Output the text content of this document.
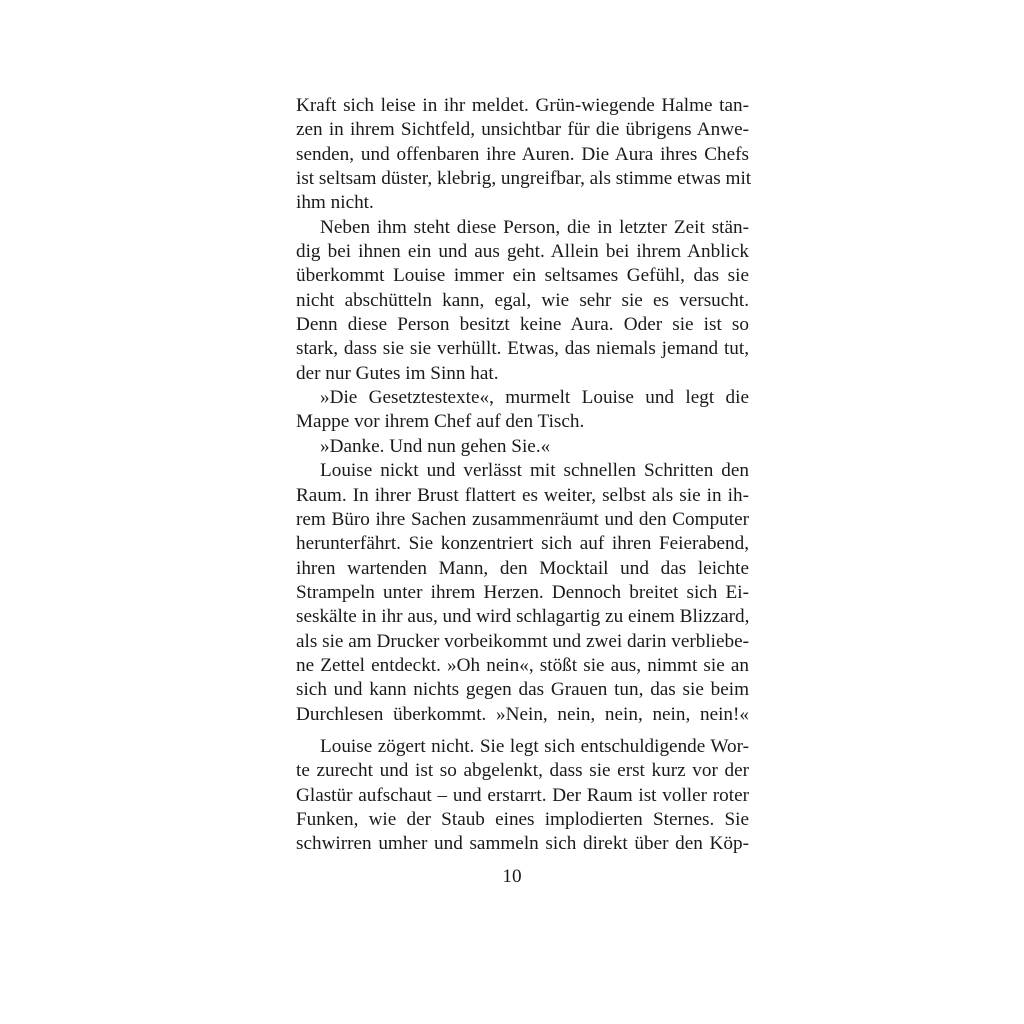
Kraft sich leise in ihr meldet. Grün-wiegende Halme tan-
zen in ihrem Sichtfeld, unsichtbar für die übrigens Anwe-
senden, und offenbaren ihre Auren. Die Aura ihres Chefs
ist seltsam düster, klebrig, ungreifbar, als stimme etwas mit
ihm nicht.
Neben ihm steht diese Person, die in letzter Zeit stän-
dig bei ihnen ein und aus geht. Allein bei ihrem Anblick
überkommt Louise immer ein seltsames Gefühl, das sie
nicht abschütteln kann, egal, wie sehr sie es versucht.
Denn diese Person besitzt keine Aura. Oder sie ist so
stark, dass sie sie verhüllt. Etwas, das niemals jemand tut,
der nur Gutes im Sinn hat.
»Die Gesetztestexte«, murmelt Louise und legt die
Mappe vor ihrem Chef auf den Tisch.
»Danke. Und nun gehen Sie.«
Louise nickt und verlässt mit schnellen Schritten den
Raum. In ihrer Brust flattert es weiter, selbst als sie in ih-
rem Büro ihre Sachen zusammenräumt und den Computer
herunterfährt. Sie konzentriert sich auf ihren Feierabend,
ihren wartenden Mann, den Mocktail und das leichte
Strampeln unter ihrem Herzen. Dennoch breitet sich Ei-
seskälte in ihr aus, und wird schlagartig zu einem Blizzard,
als sie am Drucker vorbeikommt und zwei darin verbliebe-
ne Zettel entdeckt. »Oh nein«, stößt sie aus, nimmt sie an
sich und kann nichts gegen das Grauen tun, das sie beim
Durchlesen überkommt. »Nein, nein, nein, nein, nein!«
Louise zögert nicht. Sie legt sich entschuldigende Wor-
te zurecht und ist so abgelenkt, dass sie erst kurz vor der
Glastür aufschaut – und erstarrt. Der Raum ist voller roter
Funken, wie der Staub eines implodierten Sternes. Sie
schwirren umher und sammeln sich direkt über den Köp-
10
